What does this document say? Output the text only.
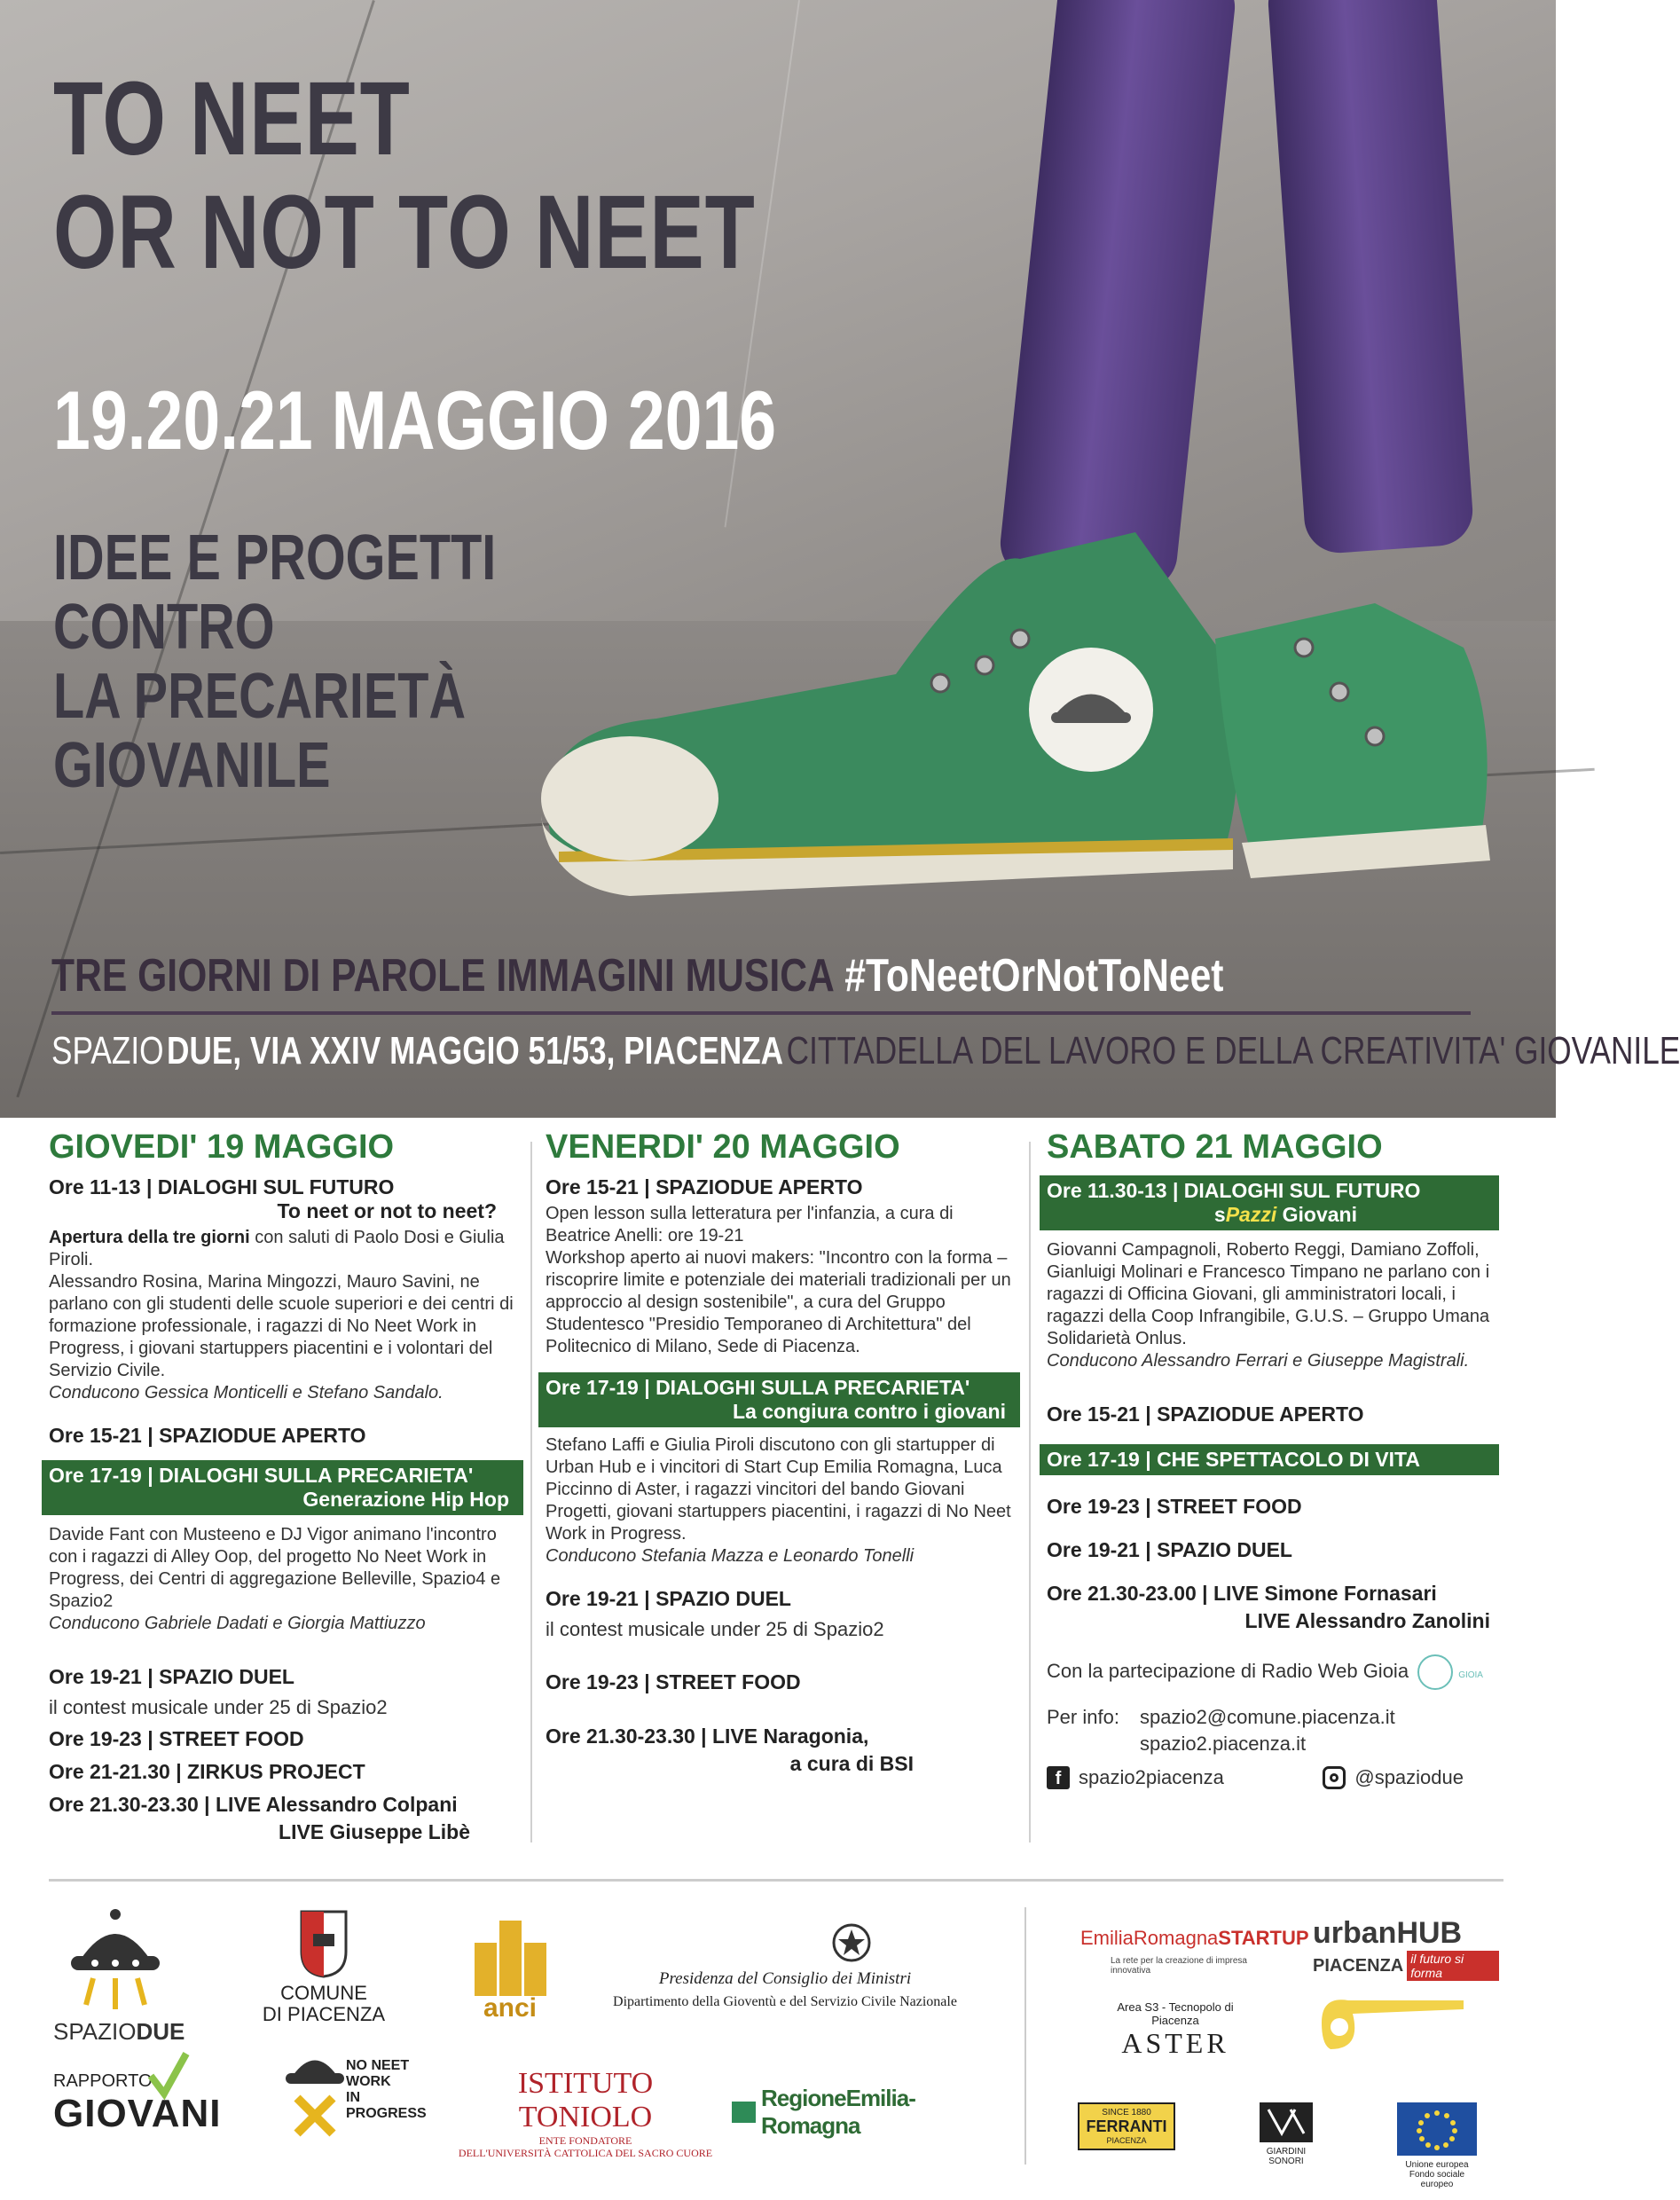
TO NEET
OR NOT TO NEET
19.20.21 MAGGIO 2016
IDEE E PROGETTI
CONTRO
LA PRECARIETÀ
GIOVANILE
TRE GIORNI DI PAROLE IMMAGINI MUSICA #ToNeetOrNotToNeet
SPAZIO DUE, VIA XXIV MAGGIO 51/53, PIACENZA CITTADELLA DEL LAVORO E DELLA CREATIVITA' GIOVANILE
GIOVEDI' 19 MAGGIO
Ore 11-13 | DIALOGHI SUL FUTURO
To neet or not to neet?
Apertura della tre giorni con saluti di Paolo Dosi e Giulia Piroli.
Alessandro Rosina, Marina Mingozzi, Mauro Savini, ne parlano con gli studenti delle scuole superiori e dei centri di formazione professionale, i ragazzi di No Neet Work in Progress, i giovani startuppers piacentini e i volontari del Servizio Civile.
Conducono Gessica Monticelli e Stefano Sandalo.
Ore 15-21 | SPAZIODUE APERTO
Ore 17-19 | DIALOGHI SULLA PRECARIETA'
Generazione Hip Hop
Davide Fant con Musteeno e DJ Vigor animano l'incontro con i ragazzi di Alley Oop, del progetto No Neet Work in Progress, dei Centri di aggregazione Belleville, Spazio4 e Spazio2
Conducono Gabriele Dadati e Giorgia Mattiuzzo
Ore 19-21 | SPAZIO DUEL
il contest musicale under 25 di Spazio2
Ore 19-23 | STREET FOOD
Ore 21-21.30 | ZIRKUS PROJECT
Ore 21.30-23.30 | LIVE Alessandro Colpani
LIVE Giuseppe Libè
VENERDI' 20 MAGGIO
Ore 15-21 | SPAZIODUE APERTO
Open lesson sulla letteratura per l'infanzia, a cura di Beatrice Anelli: ore 19-21
Workshop aperto ai nuovi makers: "Incontro con la forma – riscoprire limite e potenziale dei materiali tradizionali per un approccio al design sostenibile", a cura del Gruppo Studentesco "Presidio Temporaneo di Architettura" del Politecnico di Milano, Sede di Piacenza.
Ore 17-19 | DIALOGHI SULLA PRECARIETA'
La congiura contro i giovani
Stefano Laffi e Giulia Piroli discutono con gli startupper di Urban Hub e i vincitori di Start Cup Emilia Romagna, Luca Piccinno di Aster, i ragazzi vincitori del bando Giovani Progetti, giovani startuppers piacentini, i ragazzi di No Neet Work in Progress.
Conducono Stefania Mazza e Leonardo Tonelli
Ore 19-21 | SPAZIO DUEL
il contest musicale under 25 di Spazio2
Ore 19-23 | STREET FOOD
Ore 21.30-23.30 | LIVE Naragonia,
a cura di BSI
SABATO 21 MAGGIO
Ore 11.30-13 | DIALOGHI SUL FUTURO
sPazzi Giovani
Giovanni Campagnoli, Roberto Reggi, Damiano Zoffoli, Gianluigi Molinari e Francesco Timpano ne parlano con i ragazzi di Officina Giovani, gli amministratori locali, i ragazzi della Coop Infrangibile, G.U.S. – Gruppo Umana Solidarietà Onlus.
Conducono Alessandro Ferrari e Giuseppe Magistrali.
Ore 15-21 | SPAZIODUE APERTO
Ore 17-19 | CHE SPETTACOLO DI VITA
Ore 19-23 | STREET FOOD
Ore 19-21 | SPAZIO DUEL
Ore 21.30-23.00 | LIVE Simone Fornasari
LIVE Alessandro Zanolini
Con la partecipazione di Radio Web Gioia	GIOIA
Per info:	spazio2@comune.piacenza.it
spazio2.piacenza.it
f spazio2piacenza	@spaziodue
SPAZIODUE
COMUNE
DI PIACENZA	anci
Presidenza del Consiglio dei Ministri
Dipartimento della Gioventù e del Servizio Civile Nazionale
RAPPORTO
GIOVANI
NO NEET
WORK
IN
PROGRESS
ISTITUTO TONIOLO
ENTE FONDATORE
DELL'UNIVERSITÀ CATTOLICA DEL SACRO CUORE
RegioneEmilia-Romagna
EmiliaRomagnaSTARTUP
La rete per la creazione di impresa innovativa
urbanHUB
PIACENZA il futuro si forma
Area S3 - Tecnopolo di Piacenza
ASTER
SINCE 1880
FERRANTI
PIACENZA
GIARDINI
SONORI	Unione europea
Fondo sociale europeo
